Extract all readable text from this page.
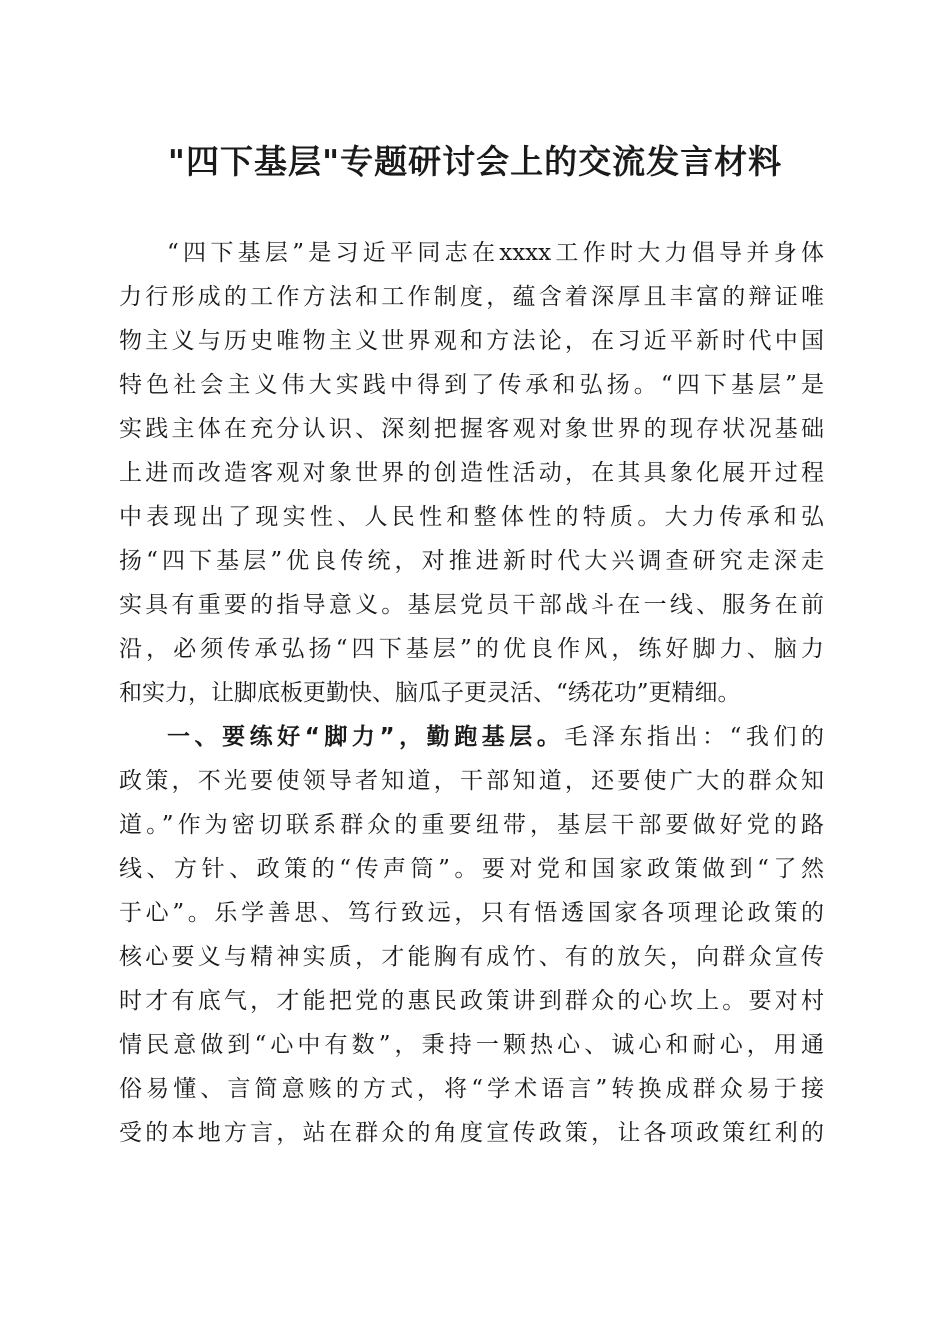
"四下基层"专题研讨会上的交流发言材料
“四下基层”是习近平同志在xxxx工作时大力倡导并身体
力行形成的工作方法和工作制度，蕴含着深厚且丰富的辩证唯
物主义与历史唯物主义世界观和方法论，在习近平新时代中国
特色社会主义伟大实践中得到了传承和弘扬。“四下基层”是
实践主体在充分认识、深刻把握客观对象世界的现存状况基础
上进而改造客观对象世界的创造性活动，在其具象化展开过程
中表现出了现实性、人民性和整体性的特质。大力传承和弘
扬“四下基层”优良传统，对推进新时代大兴调查研究走深走
实具有重要的指导意义。基层党员干部战斗在一线、服务在前
沿，必须传承弘扬“四下基层”的优良作风，练好脚力、脑力
和实力，让脚底板更勤快、脑瓜子更灵活、“绣花功”更精细。
一、要练好“脚力”，勤跑基层。毛泽东指出：“我们的
政策，不光要使领导者知道，干部知道，还要使广大的群众知
道。”作为密切联系群众的重要纽带，基层干部要做好党的路
线、方针、政策的“传声筒”。要对党和国家政策做到“了然
于心”。乐学善思、笃行致远，只有悟透国家各项理论政策的
核心要义与精神实质，才能胸有成竹、有的放矢，向群众宣传
时才有底气，才能把党的惠民政策讲到群众的心坎上。要对村
情民意做到“心中有数”，秉持一颗热心、诚心和耐心，用通
俗易懂、言简意赅的方式，将“学术语言”转换成群众易于接
受的本地方言，站在群众的角度宣传政策，让各项政策红利的
